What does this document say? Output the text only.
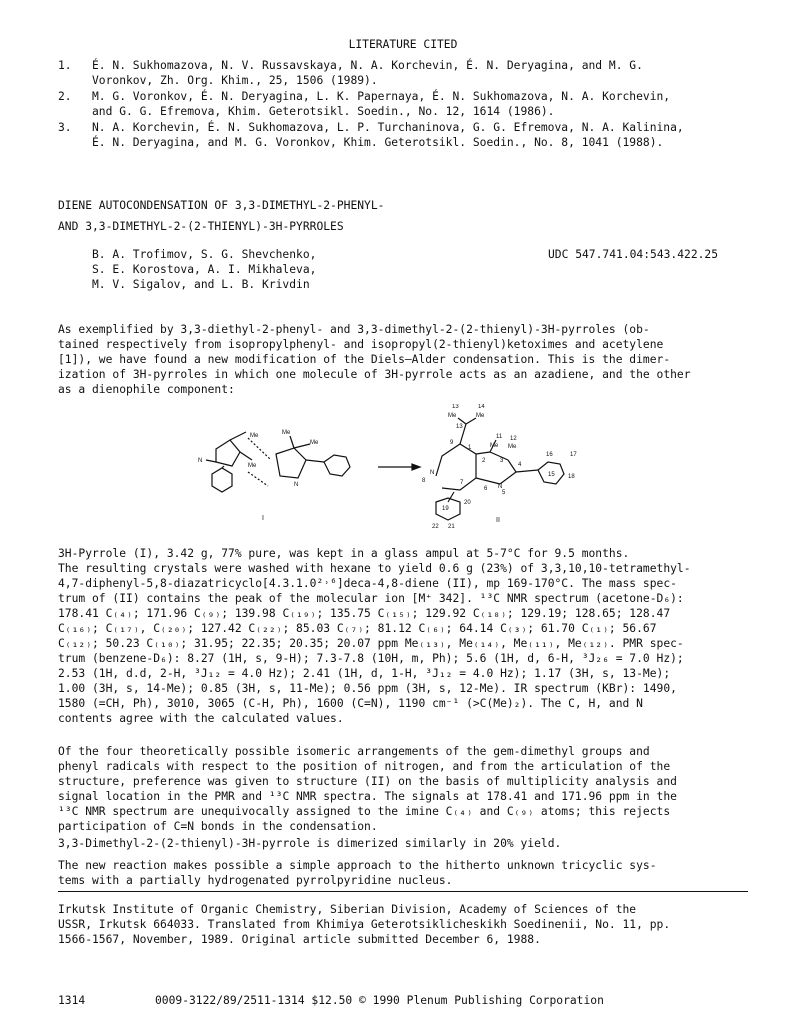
LITERATURE CITED
1.	É. N. Sukhomazova, N. V. Russavskaya, N. A. Korchevin, É. N. Deryagina, and M. G.
Voronkov, Zh. Org. Khim., 25, 1506 (1989).
2.	M. G. Voronkov, É. N. Deryagina, L. K. Papernaya, É. N. Sukhomazova, N. A. Korchevin,
and G. G. Efremova, Khim. Geterotsikl. Soedin., No. 12, 1614 (1986).
3.	N. A. Korchevin, É. N. Sukhomazova, L. P. Turchaninova, G. G. Efremova, N. A. Kalinina,
É. N. Deryagina, and M. G. Voronkov, Khim. Geterotsikl. Soedin., No. 8, 1041 (1988).
DIENE AUTOCONDENSATION OF 3,3-DIMETHYL-2-PHENYL-
AND 3,3-DIMETHYL-2-(2-THIENYL)-3H-PYRROLES
B. A. Trofimov, S. G. Shevchenko,
S. E. Korostova, A. I. Mikhaleva,
M. V. Sigalov, and L. B. Krivdin
UDC 547.741.04:543.422.25
As exemplified by 3,3-diethyl-2-phenyl- and 3,3-dimethyl-2-(2-thienyl)-3H-pyrroles (ob-
tained respectively from isopropylphenyl- and isopropyl(2-thienyl)ketoximes and acetylene
[1]), we have found a new modification of the Diels–Alder condensation. This is the dimer-
ization of 3H-pyrroles in which one molecule of 3H-pyrrole acts as an azadiene, and the other
as a dienophile component:
Me
Me
N
Me
Me
N
I
13	14
Me	Me
13
9
1
11 12
Me Me
2 3
4
5
6
7
8
N
N
16	17
15 18
19
20
22 21
II
3H-Pyrrole (I), 3.42 g, 77% pure, was kept in a glass ampul at 5-7°C for 9.5 months.
The resulting crystals were washed with hexane to yield 0.6 g (23%) of 3,3,10,10-tetramethyl-
4,7-diphenyl-5,8-diazatricyclo[4.3.1.0²˒⁶]deca-4,8-diene (II), mp 169-170°C. The mass spec-
trum of (II) contains the peak of the molecular ion [M⁺ 342]. ¹³C NMR spectrum (acetone-D₆):
178.41 C₍₄₎; 171.96 C₍₉₎; 139.98 C₍₁₉₎; 135.75 C₍₁₅₎; 129.92 C₍₁₈₎; 129.19; 128.65; 128.47
C₍₁₆₎; C₍₁₇₎, C₍₂₀₎; 127.42 C₍₂₂₎; 85.03 C₍₇₎; 81.12 C₍₆₎; 64.14 C₍₃₎; 61.70 C₍₁₎; 56.67
C₍₁₂₎; 50.23 C₍₁₀₎; 31.95; 22.35; 20.35; 20.07 ppm Me₍₁₃₎, Me₍₁₄₎, Me₍₁₁₎, Me₍₁₂₎. PMR spec-
trum (benzene-D₆): 8.27 (1H, s, 9-H); 7.3-7.8 (10H, m, Ph); 5.6 (1H, d, 6-H, ³J₂₆ = 7.0 Hz);
2.53 (1H, d.d, 2-H, ³J₁₂ = 4.0 Hz); 2.41 (1H, d, 1-H, ³J₁₂ = 4.0 Hz); 1.17 (3H, s, 13-Me);
1.00 (3H, s, 14-Me); 0.85 (3H, s, 11-Me); 0.56 ppm (3H, s, 12-Me). IR spectrum (KBr): 1490,
1580 (=CH, Ph), 3010, 3065 (C-H, Ph), 1600 (C=N), 1190 cm⁻¹ (>C(Me)₂). The C, H, and N
contents agree with the calculated values.
Of the four theoretically possible isomeric arrangements of the gem-dimethyl groups and
phenyl radicals with respect to the position of nitrogen, and from the articulation of the
structure, preference was given to structure (II) on the basis of multiplicity analysis and
signal location in the PMR and ¹³C NMR spectra. The signals at 178.41 and 171.96 ppm in the
¹³C NMR spectrum are unequivocally assigned to the imine C₍₄₎ and C₍₉₎ atoms; this rejects
participation of C=N bonds in the condensation.
3,3-Dimethyl-2-(2-thienyl)-3H-pyrrole is dimerized similarly in 20% yield.
The new reaction makes possible a simple approach to the hitherto unknown tricyclic sys-
tems with a partially hydrogenated pyrrolpyridine nucleus.
Irkutsk Institute of Organic Chemistry, Siberian Division, Academy of Sciences of the
USSR, Irkutsk 664033. Translated from Khimiya Geterotsiklicheskikh Soedinenii, No. 11, pp.
1566-1567, November, 1989. Original article submitted December 6, 1988.
1314	0009-3122/89/2511-1314 $12.50 © 1990 Plenum Publishing Corporation
